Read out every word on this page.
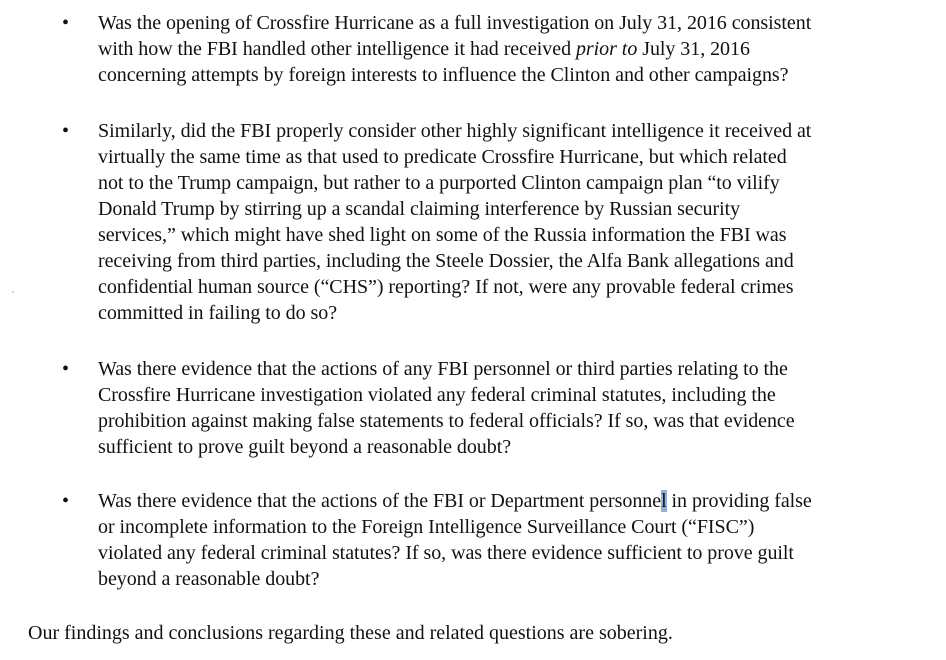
• Was the opening of Crossfire Hurricane as a full investigation on July 31, 2016 consistent
with how the FBI handled other intelligence it had received prior to July 31, 2016
concerning attempts by foreign interests to influence the Clinton and other campaigns?
• Similarly, did the FBI properly consider other highly significant intelligence it received at
virtually the same time as that used to predicate Crossfire Hurricane, but which related
not to the Trump campaign, but rather to a purported Clinton campaign plan “to vilify
Donald Trump by stirring up a scandal claiming interference by Russian security
services,” which might have shed light on some of the Russia information the FBI was
receiving from third parties, including the Steele Dossier, the Alfa Bank allegations and
confidential human source (“CHS”) reporting? If not, were any provable federal crimes
committed in failing to do so?
• Was there evidence that the actions of any FBI personnel or third parties relating to the
Crossfire Hurricane investigation violated any federal criminal statutes, including the
prohibition against making false statements to federal officials? If so, was that evidence
sufficient to prove guilt beyond a reasonable doubt?
• Was there evidence that the actions of the FBI or Department personnel in providing false
or incomplete information to the Foreign Intelligence Surveillance Court (“FISC”)
violated any federal criminal statutes? If so, was there evidence sufficient to prove guilt
beyond a reasonable doubt?
Our findings and conclusions regarding these and related questions are sobering.
